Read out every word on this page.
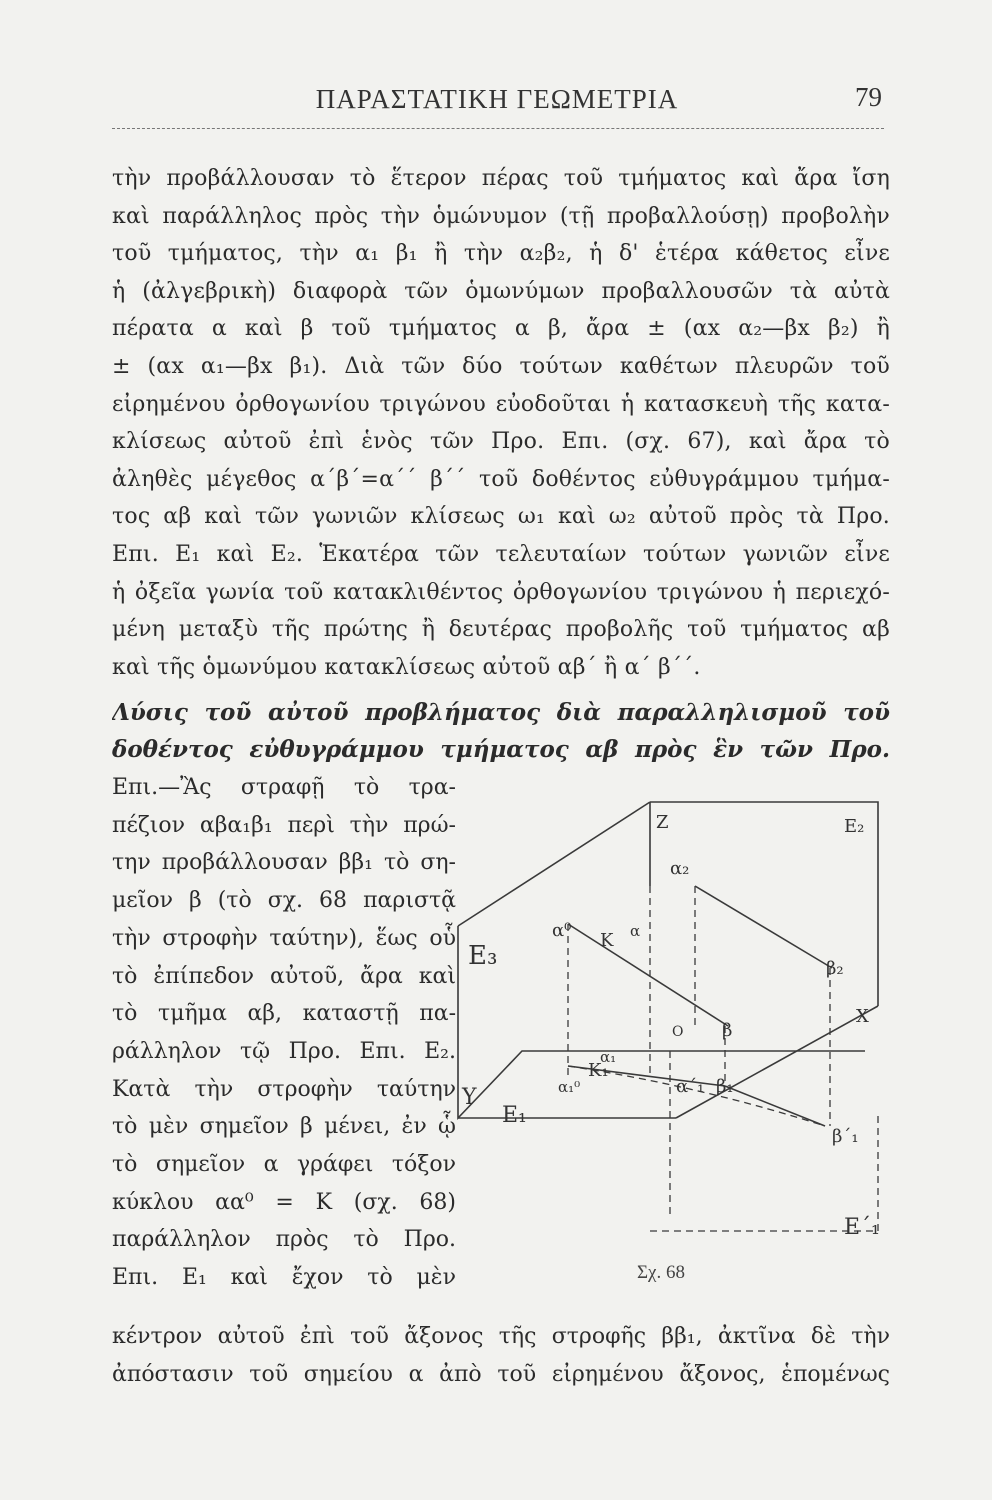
ΠΑΡΑΣΤΑΤΙΚΗ ΓΕΩΜΕΤΡΙΑ	79
τὴν προβάλλουσαν τὸ ἕτερον πέρας τοῦ τμήματος καὶ ἄρα ἴση
καὶ παράλληλος πρὸς τὴν ὁμώνυμον (τῇ προβαλλούσῃ) προβολὴν
τοῦ τμήματος, τὴν α₁ β₁ ἢ τὴν α₂β₂, ἡ δ' ἑτέρα κάθετος εἶνε
ἡ (ἀλγεβρικὴ) διαφορὰ τῶν ὁμωνύμων προβαλλουσῶν τὰ αὐτὰ
πέρατα α καὶ β τοῦ τμήματος α β, ἄρα ± (αx α₂—βx β₂) ἢ
± (αx α₁—βx β₁). Διὰ τῶν δύο τούτων καθέτων πλευρῶν τοῦ
εἰρημένου ὀρθογωνίου τριγώνου εὐοδοῦται ἡ κατασκευὴ τῆς κατα-
κλίσεως αὐτοῦ ἐπὶ ἑνὸς τῶν Προ. Επι. (σχ. 67), καὶ ἄρα τὸ
ἀληθὲς μέγεθος α΄β΄=α΄΄ β΄΄ τοῦ δοθέντος εὐθυγράμμου τμήμα-
τος αβ καὶ τῶν γωνιῶν κλίσεως ω₁ καὶ ω₂ αὐτοῦ πρὸς τὰ Προ.
Επι. Ε₁ καὶ Ε₂. Ἑκατέρα τῶν τελευταίων τούτων γωνιῶν εἶνε
ἡ ὀξεῖα γωνία τοῦ κατακλιθέντος ὀρθογωνίου τριγώνου ἡ περιεχό-
μένη μεταξὺ τῆς πρώτης ἢ δευτέρας προβολῆς τοῦ τμήματος αβ
καὶ τῆς ὁμωνύμου κατακλίσεως αὐτοῦ αβ΄ ἢ α΄ β΄΄.
Λύσις τοῦ αὐτοῦ προβλήματος διὰ παραλληλισμοῦ τοῦ
δοθέντος εὐθυγράμμου τμήματος αβ πρὸς ἓν τῶν Προ.
Επι.—Ἂς στραφῇ τὸ τρα-
πέζιον αβα₁β₁ περὶ τὴν πρώ-
την προβάλλουσαν ββ₁ τὸ ση-
μεῖον β (τὸ σχ. 68 παριστᾷ
τὴν στροφὴν ταύτην), ἕως οὗ
τὸ ἐπίπεδον αὐτοῦ, ἄρα καὶ
τὸ τμῆμα αβ, καταστῇ πα-
ράλληλον τῷ Προ. Επι. Ε₂.
Κατὰ τὴν στροφὴν ταύτην
τὸ μὲν σημεῖον β μένει, ἐν ᾧ
τὸ σημεῖον α γράφει τόξον
κύκλου αα⁰ = Κ (σχ. 68)
παράλληλον πρὸς τὸ Προ.
Επι. Ε₁ καὶ ἔχον τὸ μὲν
Z	E₂
E₃
α₂
α⁰ K α
β₂
X
O β
α₁
K₁
α₁⁰	α΄₁ β₁
Y
E₁
β΄₁
E΄₁
Σχ. 68
κέντρον αὐτοῦ ἐπὶ τοῦ ἄξονος τῆς στροφῆς ββ₁, ἀκτῖνα δὲ τὴν
ἀπόστασιν τοῦ σημείου α ἀπὸ τοῦ εἰρημένου ἄξονος, ἑπομένως
